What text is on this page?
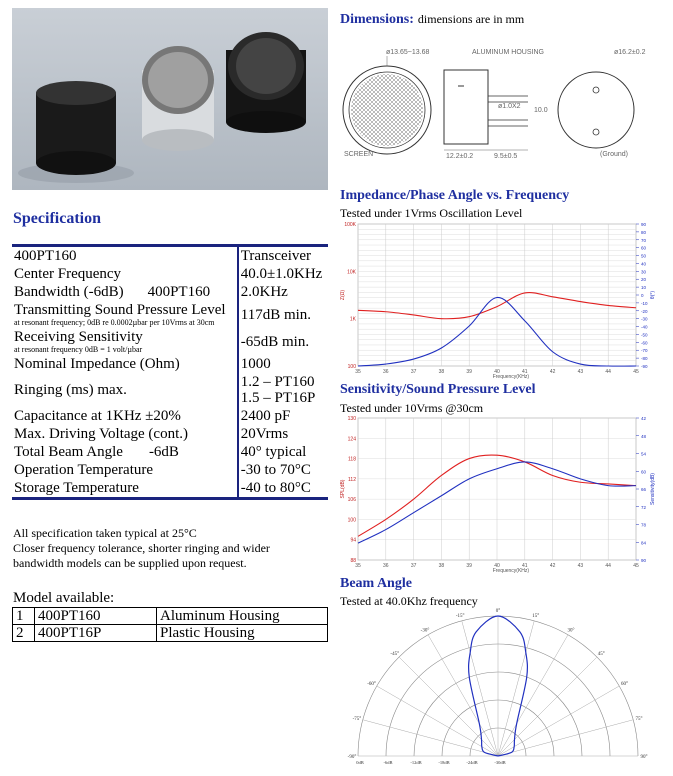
Dimensions: dimensions are in mm
ø13.65~13.68
SCREEN
ALUMINUM HOUSING
ø1.0X2
10.0
12.2±0.2	9.5±0.5
ø16.2±0.2
(Ground)
Specification
400PT160	Transceiver
Center Frequency	40.0±1.0KHz
Bandwidth (-6dB) 400PT160	2.0KHz
Transmitting Sound Pressure Level
at resonant frequency; 0dB re 0.0002µbar per 10Vrms at 30cm	117dB min.
Receiving Sensitivity
at resonant frequency 0dB = 1 volt/µbar	-65dB min.
Nominal Impedance (Ohm)	1000
Ringing (ms) max.	1.2 – PT160
1.5 – PT16P

Capacitance at 1KHz ±20%	2400 pF
Max. Driving Voltage (cont.)	20Vrms
Total Beam Angle -6dB	40° typical
Operation Temperature	-30 to 70°C
Storage Temperature	-40 to 80°C
All specification taken typical at 25°C
Closer frequency tolerance, shorter ringing and wider
bandwidth models can be supplied upon request.
Model available:
1	400PT160	Aluminum Housing
2	400PT16P	Plastic Housing
Impedance/Phase Angle vs. Frequency
Tested under 1Vrms Oscillation Level
35	36	37	38	39	40	41	42	43	44	45
Frequency(KHz)
100
1K
10K
100K	90
80
70
60
50
40
30
20
10
0
-10
-20
-30
-40
-50
-60
-70
-80
-90
Z(Ω)	θ(°)
Sensitivity/Sound Pressure Level
Tested under 10Vrms @30cm
35	36	37	38	39	40	41	42	43	44	45
Frequency(KHz)
130
124
118
112
106
100
94
88
42
48
54
60
66
72
78
84
90
SPL(dB)	Sensitivity(dB)
Beam Angle
Tested at 40.0Khz frequency
0°
15°
30°
45°
60°
75°
90°
-15°
-30°
-45°
-60°
-75°
-90°
0dB	-6dB	-12dB	-18dB	-24dB	-30dB
